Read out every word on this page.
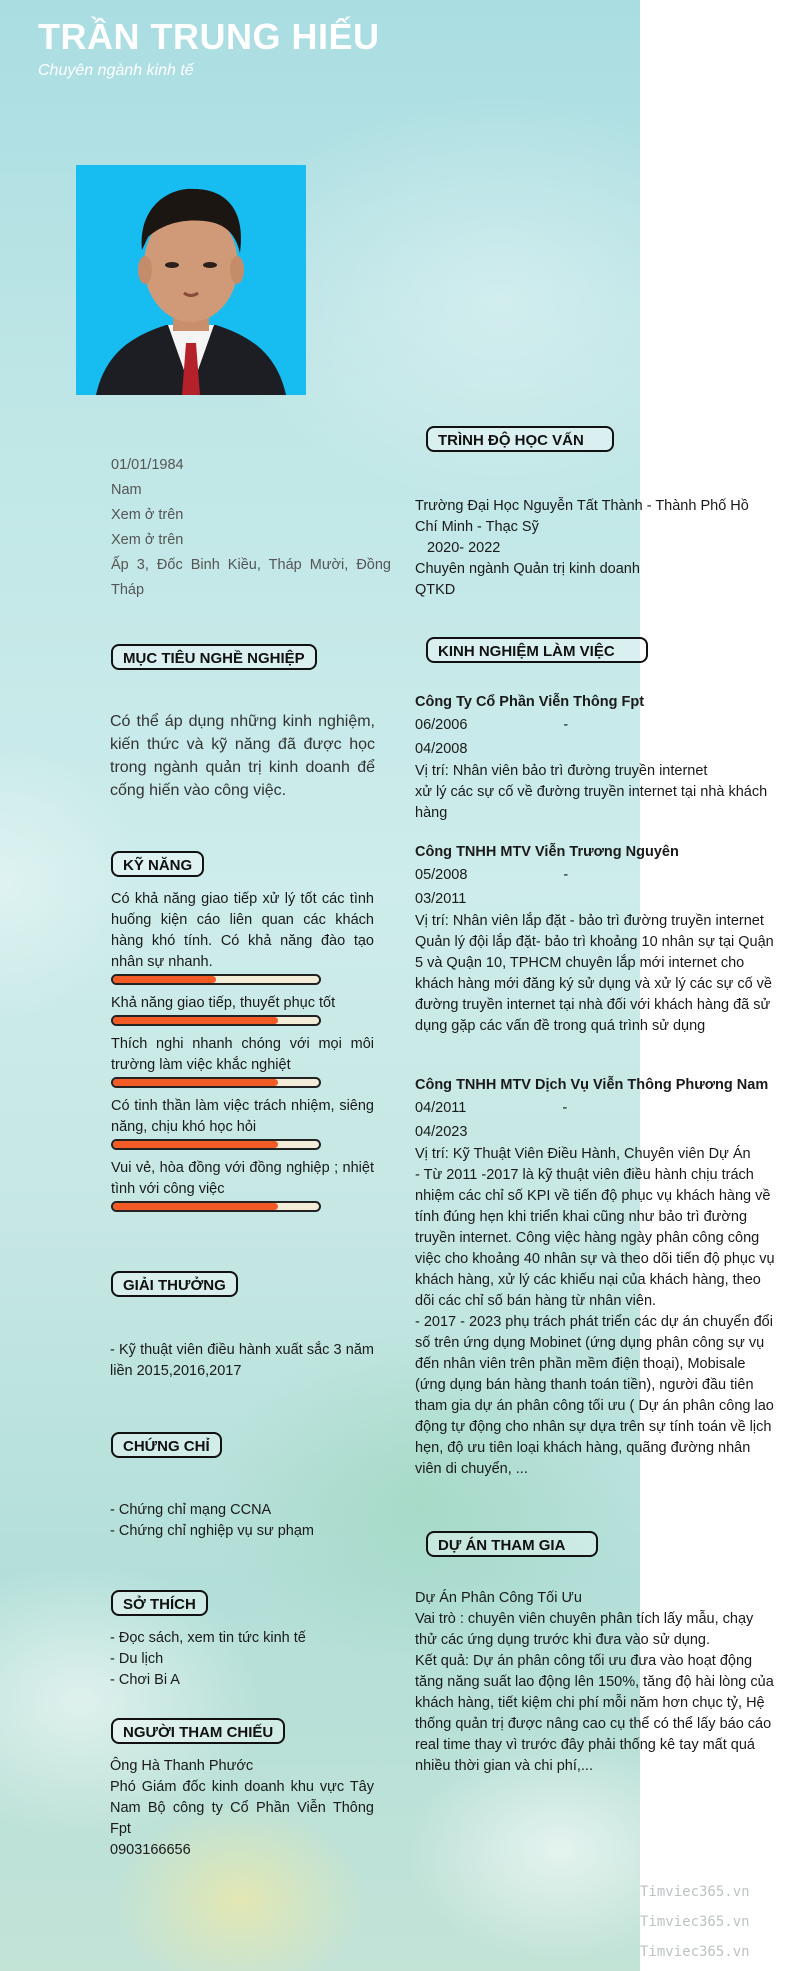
TRẦN TRUNG HIẾU
Chuyên ngành kinh tế
01/01/1984
Nam
Xem ở trên
Xem ở trên
Ấp 3, Đốc Binh Kiều, Tháp Mười, Đồng Tháp
MỤC TIÊU NGHỀ NGHIỆP
Có thể áp dụng những kinh nghiệm, kiến thức và kỹ năng đã được học trong ngành quản trị kinh doanh để cống hiến vào công việc.
KỸ NĂNG
Có khả năng giao tiếp xử lý tốt các tình huống kiện cáo liên quan các khách hàng khó tính. Có khả năng đào tạo nhân sự nhanh.
Khả năng giao tiếp, thuyết phục tốt
Thích nghi nhanh chóng với mọi môi trường làm việc khắc nghiệt
Có tinh thần làm việc trách nhiệm, siêng năng, chịu khó học hỏi
Vui vẻ, hòa đồng với đồng nghiệp ; nhiệt tình với công việc
GIẢI THƯỞNG
- Kỹ thuật viên điều hành xuất sắc 3 năm liền 2015,2016,2017
CHỨNG CHỈ
- Chứng chỉ mạng CCNA
- Chứng chỉ nghiệp vụ sư phạm
SỞ THÍCH
- Đọc sách, xem tin tức kinh tế
- Du lịch
- Chơi Bi A
NGƯỜI THAM CHIẾU
Ông Hà Thanh Phước
Phó Giám đốc kinh doanh khu vực Tây Nam Bộ công ty Cổ Phần Viễn Thông Fpt
0903166656
TRÌNH ĐỘ HỌC VẤN
Trường Đại Học Nguyễn Tất Thành - Thành Phố Hồ Chí Minh - Thạc Sỹ
2020- 2022
Chuyên ngành Quản trị kinh doanh
QTKD
KINH NGHIỆM LÀM VIỆC
Công Ty Cổ Phần Viễn Thông Fpt
06/2006	-
04/2008
Vị trí: Nhân viên bảo trì đường truyền internet
xử lý các sự cố về đường truyền internet tại nhà khách hàng
Công TNHH MTV Viễn Trương Nguyên
05/2008	-
03/2011
Vị trí: Nhân viên lắp đặt - bảo trì đường truyền internet
Quản lý đội lắp đặt- bảo trì khoảng 10 nhân sự tại Quận 5 và Quận 10, TPHCM chuyên lắp mới internet cho khách hàng mới đăng ký sử dụng và xử lý các sự cố về đường truyền internet tại nhà đối với khách hàng đã sử dụng gặp các vấn đề trong quá trình sử dụng
Công TNHH MTV Dịch Vụ Viễn Thông Phương Nam
04/2011	-
04/2023
Vị trí: Kỹ Thuật Viên Điều Hành, Chuyên viên Dự Án
- Từ 2011 -2017 là kỹ thuật viên điều hành chịu trách nhiệm các chỉ số KPI về tiến độ phục vụ khách hàng về tính đúng hẹn khi triển khai cũng như bảo trì đường truyền internet. Công việc hàng ngày phân công công việc cho khoảng 40 nhân sự và theo dõi tiến độ phục vụ khách hàng, xử lý các khiếu nại của khách hàng, theo dõi các chỉ số bán hàng từ nhân viên.
- 2017 - 2023 phụ trách phát triển các dự án chuyển đổi số trên ứng dụng Mobinet (ứng dụng phân công sự vụ đến nhân viên trên phần mềm điện thoại), Mobisale (ứng dụng bán hàng thanh toán tiền), người đầu tiên tham gia dự án phân công tối ưu ( Dự án phân công lao động tự động cho nhân sự dựa trên sự tính toán về lịch hẹn, độ ưu tiên loại khách hàng, quãng đường nhân viên di chuyển, ...
DỰ ÁN THAM GIA
Dự Án Phân Công Tối Ưu
Vai trò : chuyên viên chuyên phân tích lấy mẫu, chạy thử các ứng dụng trước khi đưa vào sử dụng.
Kết quả: Dự án phân công tối ưu đưa vào hoạt động tăng năng suất lao động lên 150%, tăng độ hài lòng của khách hàng, tiết kiệm chi phí mỗi năm hơn chục tỷ, Hệ thống quản trị được nâng cao cụ thể có thể lấy báo cáo real time thay vì trước đây phải thống kê tay mất quá nhiều thời gian và chi phí,...
Timviec365.vn
Timviec365.vn
Timviec365.vn
